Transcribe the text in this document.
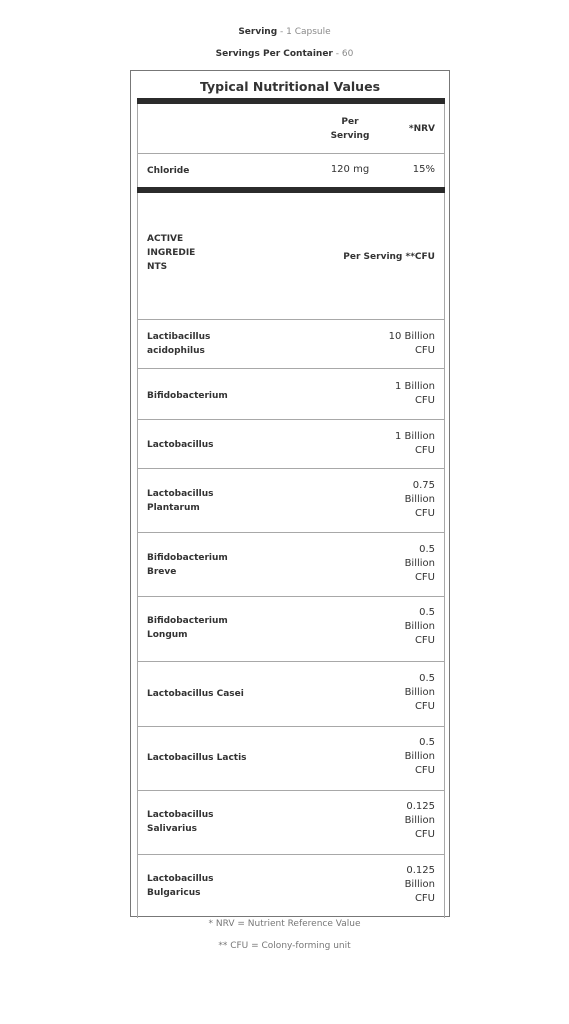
Serving - 1 Capsule
Servings Per Container - 60
Typical Nutritional Values
Per
Serving
*NRV
Chloride	120 mg	15%
ACTIVE
INGREDIE
NTS
Per Serving **CFU
Lactibacillus
acidophilus
10 Billion
CFU
Bifidobacterium
1 Billion
CFU
Lactobacillus
1 Billion
CFU
Lactobacillus
Plantarum
0.75
Billion
CFU
Bifidobacterium
Breve
0.5
Billion
CFU
Bifidobacterium
Longum
0.5
Billion
CFU
Lactobacillus Casei
0.5
Billion
CFU
Lactobacillus Lactis
0.5
Billion
CFU
Lactobacillus
Salivarius
0.125
Billion
CFU
Lactobacillus
Bulgaricus
0.125
Billion
CFU
* NRV = Nutrient Reference Value
** CFU = Colony-forming unit
